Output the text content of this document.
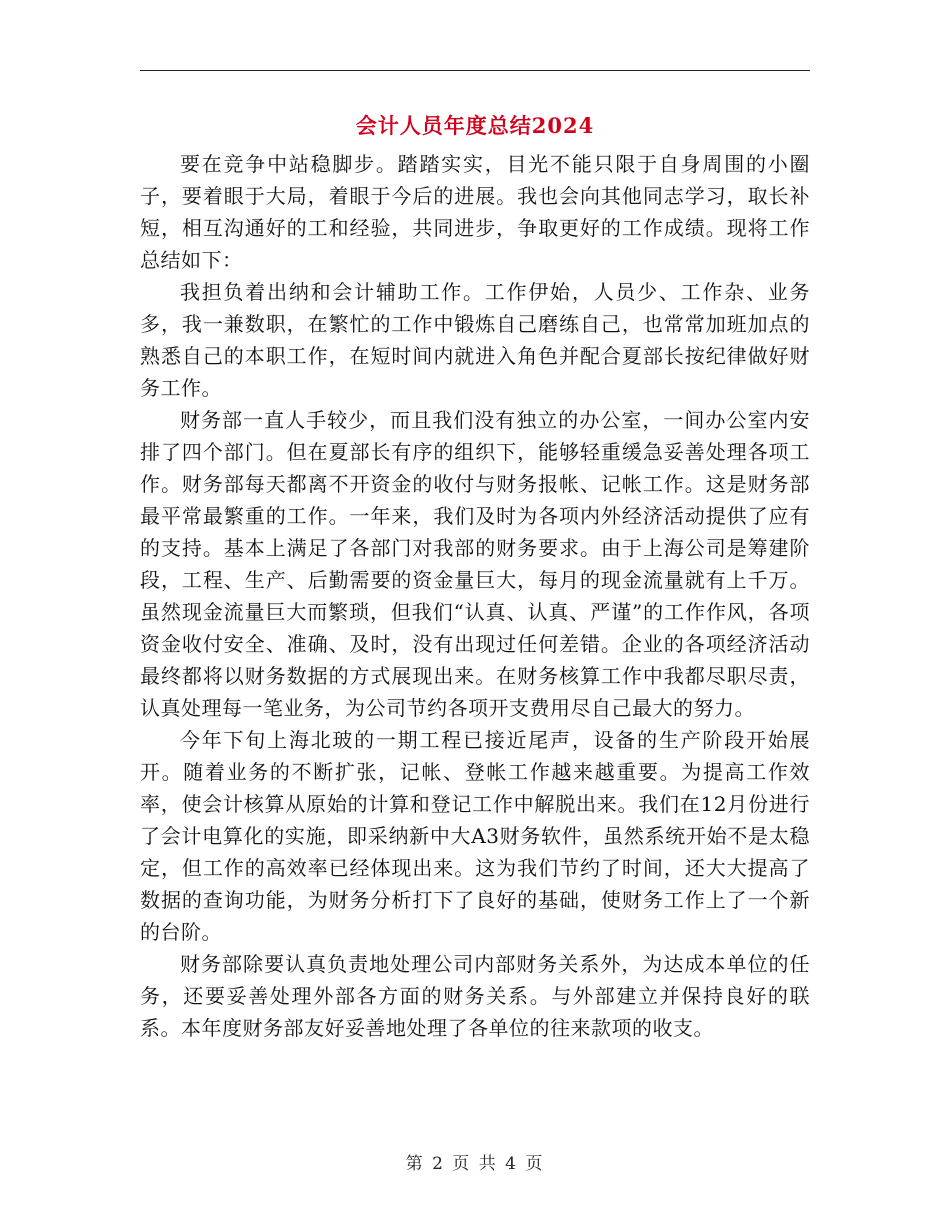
会计人员年度总结2024

要在竞争中站稳脚步。踏踏实实，目光不能只限于自身周围的小圈子，要着眼于大局，着眼于今后的进展。我也会向其他同志学习，取长补短，相互沟通好的工和经验，共同进步，争取更好的工作成绩。现将工作总结如下：

我担负着出纳和会计辅助工作。工作伊始，人员少、工作杂、业务多，我一兼数职，在繁忙的工作中锻炼自己磨练自己，也常常加班加点的熟悉自己的本职工作，在短时间内就进入角色并配合夏部长按纪律做好财务工作。

财务部一直人手较少，而且我们没有独立的办公室，一间办公室内安排了四个部门。但在夏部长有序的组织下，能够轻重缓急妥善处理各项工作。财务部每天都离不开资金的收付与财务报帐、记帐工作。这是财务部最平常最繁重的工作。一年来，我们及时为各项内外经济活动提供了应有的支持。基本上满足了各部门对我部的财务要求。由于上海公司是筹建阶段，工程、生产、后勤需要的资金量巨大，每月的现金流量就有上千万。虽然现金流量巨大而繁琐，但我们“认真、认真、严谨”的工作作风，各项资金收付安全、准确、及时，没有出现过任何差错。企业的各项经济活动最终都将以财务数据的方式展现出来。在财务核算工作中我都尽职尽责，认真处理每一笔业务，为公司节约各项开支费用尽自己最大的努力。

今年下旬上海北玻的一期工程已接近尾声，设备的生产阶段开始展开。随着业务的不断扩张，记帐、登帐工作越来越重要。为提高工作效率，使会计核算从原始的计算和登记工作中解脱出来。我们在12月份进行了会计电算化的实施，即采纳新中大A3财务软件，虽然系统开始不是太稳定，但工作的高效率已经体现出来。这为我们节约了时间，还大大提高了数据的查询功能，为财务分析打下了良好的基础，使财务工作上了一个新的台阶。

财务部除要认真负责地处理公司内部财务关系外，为达成本单位的任务，还要妥善处理外部各方面的财务关系。与外部建立并保持良好的联系。本年度财务部友好妥善地处理了各单位的往来款项的收支。

第 2 页 共 4 页
